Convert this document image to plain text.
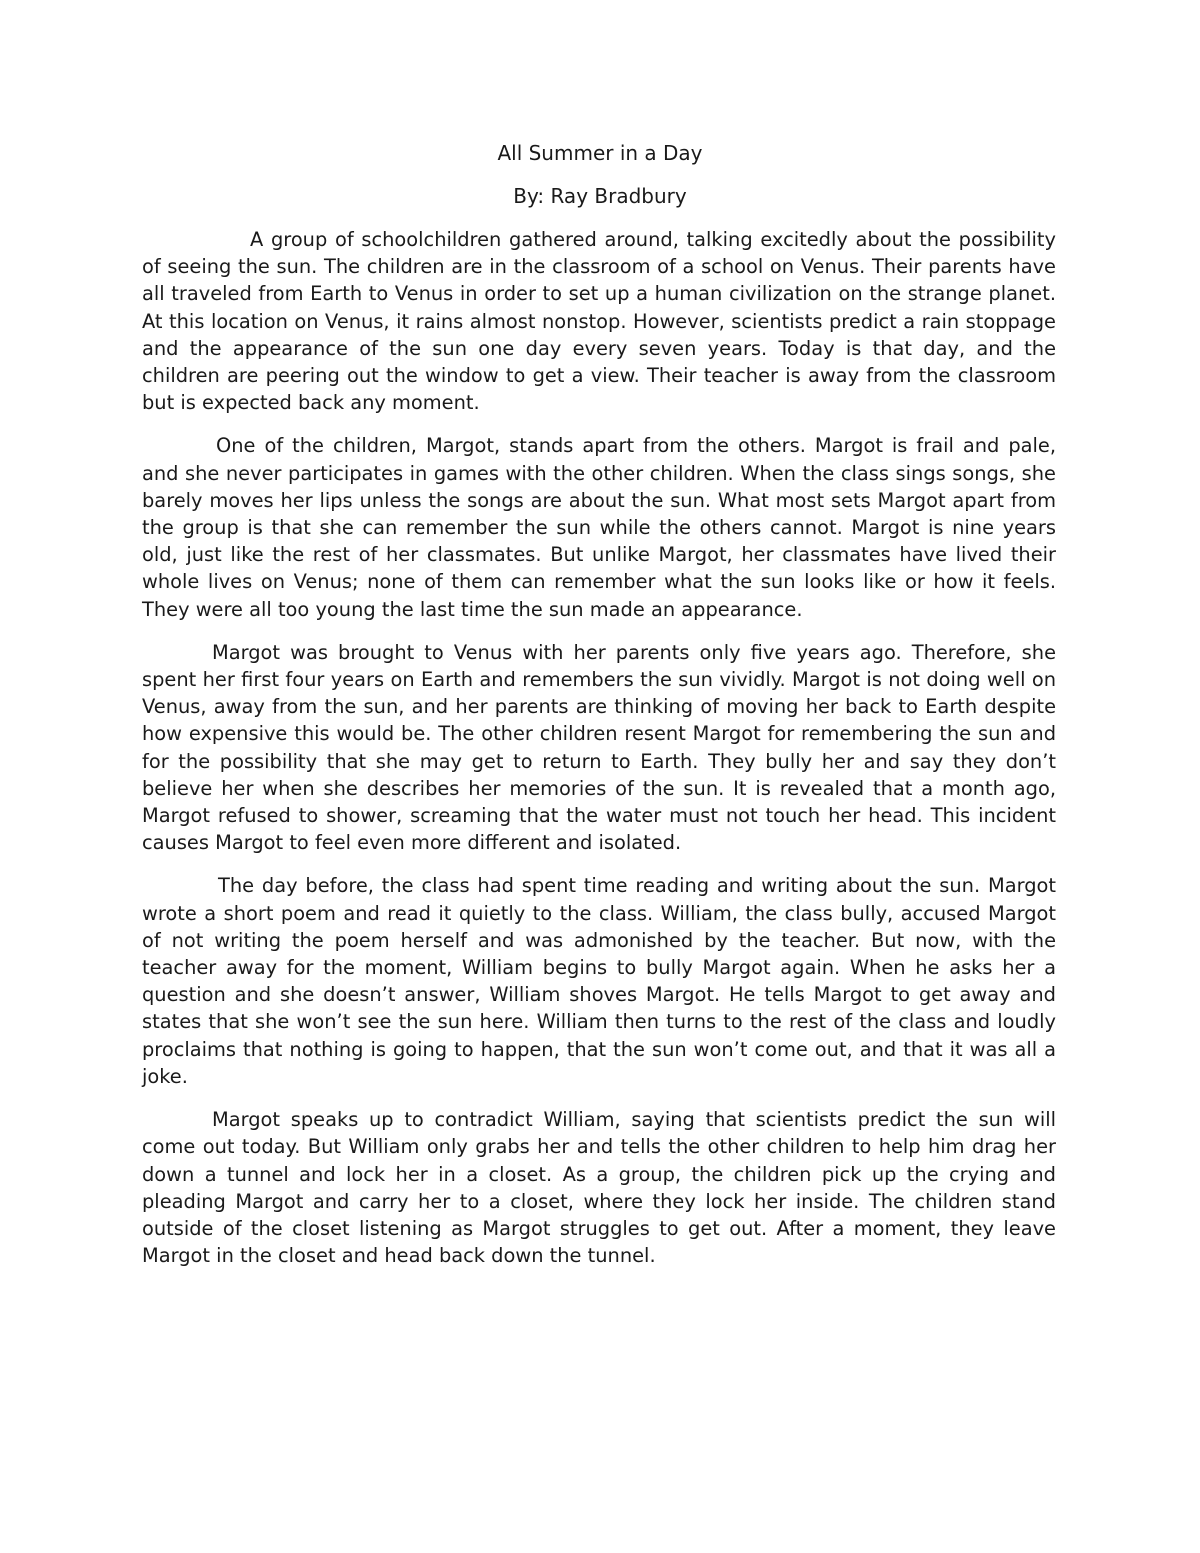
All Summer in a Day
By: Ray Bradbury

A group of schoolchildren gathered around, talking excitedly about the possibility of seeing the sun. The children are in the classroom of a school on Venus. Their parents have all traveled from Earth to Venus in order to set up a human civilization on the strange planet. At this location on Venus, it rains almost nonstop. However, scientists predict a rain stoppage and the appearance of the sun one day every seven years. Today is that day, and the children are peering out the window to get a view. Their teacher is away from the classroom but is expected back any moment.

One of the children, Margot, stands apart from the others. Margot is frail and pale, and she never participates in games with the other children. When the class sings songs, she barely moves her lips unless the songs are about the sun. What most sets Margot apart from the group is that she can remember the sun while the others cannot. Margot is nine years old, just like the rest of her classmates. But unlike Margot, her classmates have lived their whole lives on Venus; none of them can remember what the sun looks like or how it feels. They were all too young the last time the sun made an appearance.

Margot was brought to Venus with her parents only five years ago. Therefore, she spent her first four years on Earth and remembers the sun vividly. Margot is not doing well on Venus, away from the sun, and her parents are thinking of moving her back to Earth despite how expensive this would be. The other children resent Margot for remembering the sun and for the possibility that she may get to return to Earth. They bully her and say they don’t believe her when she describes her memories of the sun. It is revealed that a month ago, Margot refused to shower, screaming that the water must not touch her head. This incident causes Margot to feel even more different and isolated.

The day before, the class had spent time reading and writing about the sun. Margot wrote a short poem and read it quietly to the class. William, the class bully, accused Margot of not writing the poem herself and was admonished by the teacher. But now, with the teacher away for the moment, William begins to bully Margot again. When he asks her a question and she doesn’t answer, William shoves Margot. He tells Margot to get away and states that she won’t see the sun here. William then turns to the rest of the class and loudly proclaims that nothing is going to happen, that the sun won’t come out, and that it was all a joke.

Margot speaks up to contradict William, saying that scientists predict the sun will come out today. But William only grabs her and tells the other children to help him drag her down a tunnel and lock her in a closet. As a group, the children pick up the crying and pleading Margot and carry her to a closet, where they lock her inside. The children stand outside of the closet listening as Margot struggles to get out. After a moment, they leave Margot in the closet and head back down the tunnel.
